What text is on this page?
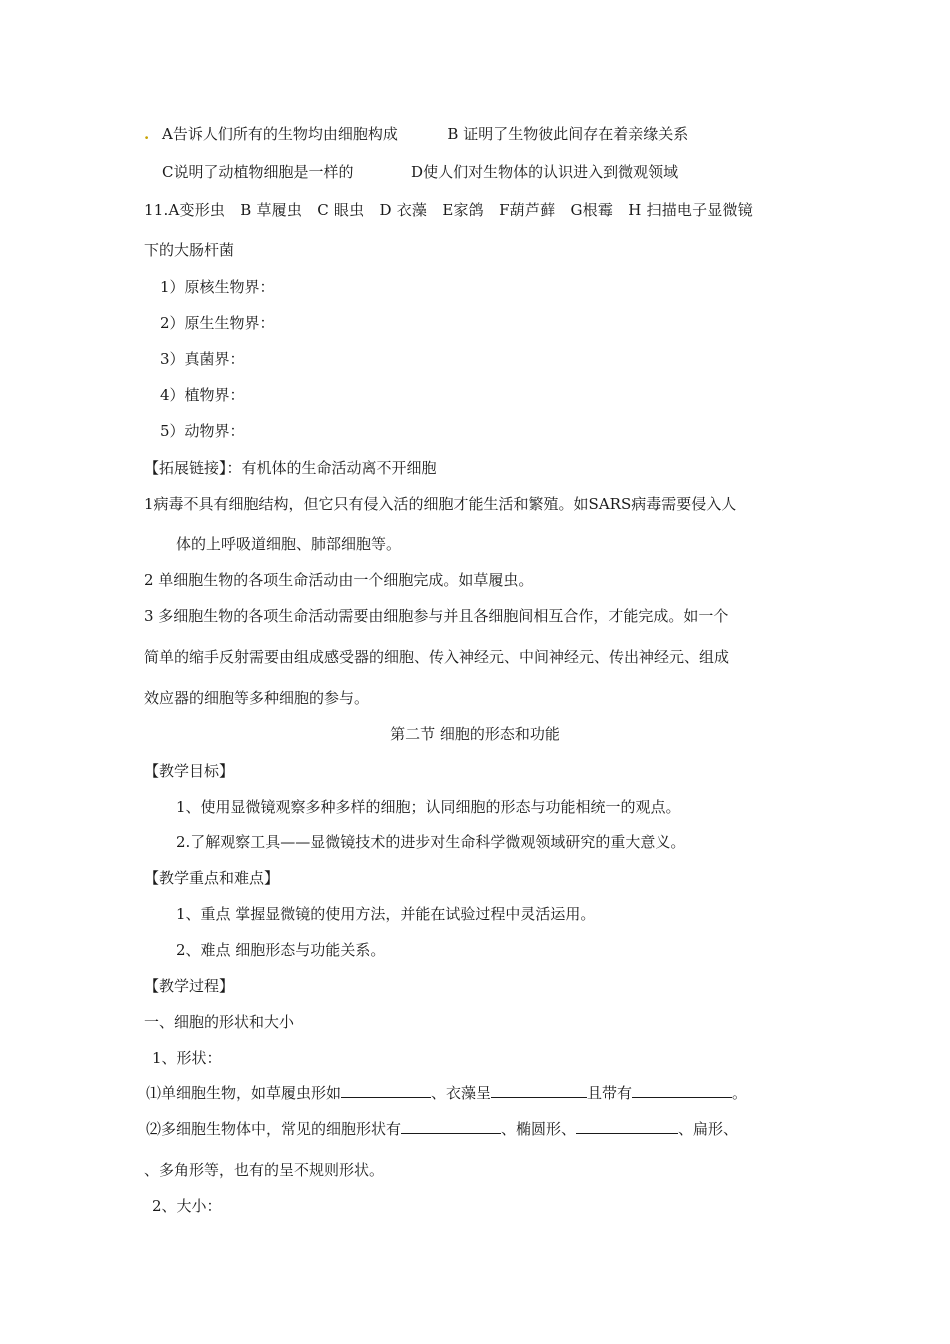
. A告诉人们所有的生物均由细胞构成	B 证明了生物彼此间存在着亲缘关系
C说明了动植物细胞是一样的	D使人们对生物体的认识进入到微观领域
11.A变形虫　B 草履虫　C 眼虫　D 衣藻　E家鸽　F葫芦藓　G根霉　H 扫描电子显微镜
下的大肠杆菌
1）原核生物界：
2）原生生物界：
3）真菌界：
4）植物界：
5）动物界：
【拓展链接】：有机体的生命活动离不开细胞
1病毒不具有细胞结构，但它只有侵入活的细胞才能生活和繁殖。如SARS病毒需要侵入人
体的上呼吸道细胞、肺部细胞等。
2 单细胞生物的各项生命活动由一个细胞完成。如草履虫。
3 多细胞生物的各项生命活动需要由细胞参与并且各细胞间相互合作，才能完成。如一个
简单的缩手反射需要由组成感受器的细胞、传入神经元、中间神经元、传出神经元、组成
效应器的细胞等多种细胞的参与。
第二节 细胞的形态和功能
【教学目标】
1、使用显微镜观察多种多样的细胞；认同细胞的形态与功能相统一的观点。
2.了解观察工具——显微镜技术的进步对生命科学微观领域研究的重大意义。
【教学重点和难点】
1、重点 掌握显微镜的使用方法，并能在试验过程中灵活运用。
2、难点 细胞形态与功能关系。
【教学过程】
一、细胞的形状和大小
1、形状：
⑴单细胞生物，如草履虫形如	、衣藻呈	且带有	。
⑵多细胞生物体中，常见的细胞形状有	、椭圆形、	、扁形、
、多角形等，也有的呈不规则形状。
2、大小：
